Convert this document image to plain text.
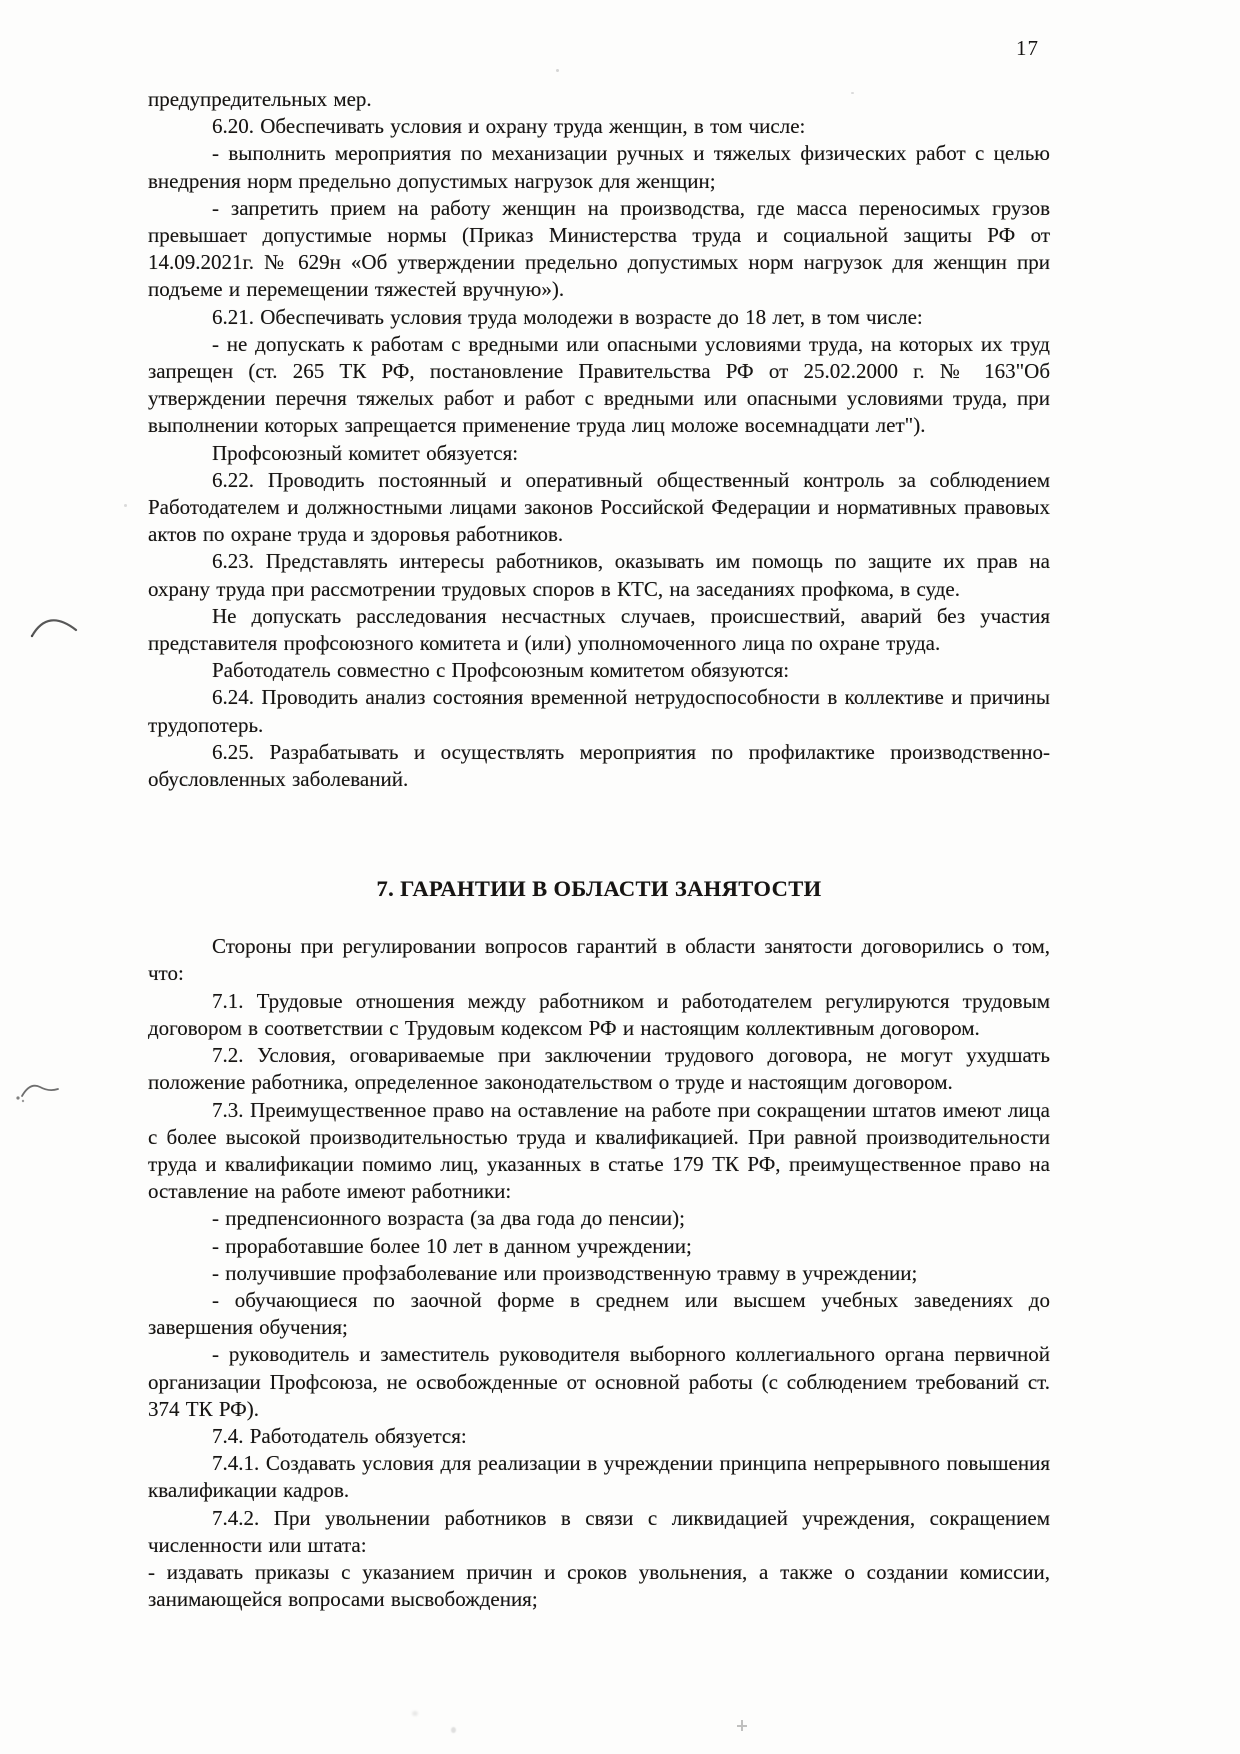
17

предупредительных мер.

6.20. Обеспечивать условия и охрану труда женщин, в том числе:

- выполнить мероприятия по механизации ручных и тяжелых физических работ с целью внедрения норм предельно допустимых нагрузок для женщин;

- запретить прием на работу женщин на производства, где масса переносимых грузов превышает допустимые нормы (Приказ Министерства труда и социальной защиты РФ от 14.09.2021г. № 629н «Об утверждении предельно допустимых норм нагрузок для женщин при подъеме и перемещении тяжестей вручную»).

6.21. Обеспечивать условия труда молодежи в возрасте до 18 лет, в том числе:

- не допускать к работам с вредными или опасными условиями труда, на которых их труд запрещен (ст. 265 ТК РФ, постановление Правительства РФ от 25.02.2000 г. № 163"Об утверждении перечня тяжелых работ и работ с вредными или опасными условиями труда, при выполнении которых запрещается применение труда лиц моложе восемнадцати лет").

Профсоюзный комитет обязуется:

6.22. Проводить постоянный и оперативный общественный контроль за соблюдением Работодателем и должностными лицами законов Российской Федерации и нормативных правовых актов по охране труда и здоровья работников.

6.23. Представлять интересы работников, оказывать им помощь по защите их прав на охрану труда при рассмотрении трудовых споров в КТС, на заседаниях профкома, в суде.

Не допускать расследования несчастных случаев, происшествий, аварий без участия представителя профсоюзного комитета и (или) уполномоченного лица по охране труда.

Работодатель совместно с Профсоюзным комитетом обязуются:

6.24. Проводить анализ состояния временной нетрудоспособности в коллективе и причины трудопотерь.

6.25. Разрабатывать и осуществлять мероприятия по профилактике производственно-обусловленных заболеваний.

7. ГАРАНТИИ В ОБЛАСТИ ЗАНЯТОСТИ

Стороны при регулировании вопросов гарантий в области занятости договорились о том, что:

7.1. Трудовые отношения между работником и работодателем регулируются трудовым договором в соответствии с Трудовым кодексом РФ и настоящим коллективным договором.

7.2. Условия, оговариваемые при заключении трудового договора, не могут ухудшать положение работника, определенное законодательством о труде и настоящим договором.

7.3. Преимущественное право на оставление на работе при сокращении штатов имеют лица с более высокой производительностью труда и квалификацией. При равной производительности труда и квалификации помимо лиц, указанных в статье 179 ТК РФ, преимущественное право на оставление на работе имеют работники:

- предпенсионного возраста (за два года до пенсии);

- проработавшие более 10 лет в данном учреждении;

- получившие профзаболевание или производственную травму в учреждении;

- обучающиеся по заочной форме в среднем или высшем учебных заведениях до завершения обучения;

- руководитель и заместитель руководителя выборного коллегиального органа первичной организации Профсоюза, не освобожденные от основной работы (с соблюдением требований ст. 374 ТК РФ).

7.4. Работодатель обязуется:

7.4.1. Создавать условия для реализации в учреждении принципа непрерывного повышения квалификации кадров.

7.4.2. При увольнении работников в связи с ликвидацией учреждения, сокращением численности или штата:

- издавать приказы с указанием причин и сроков увольнения, а также о создании комиссии, занимающейся вопросами высвобождения;
